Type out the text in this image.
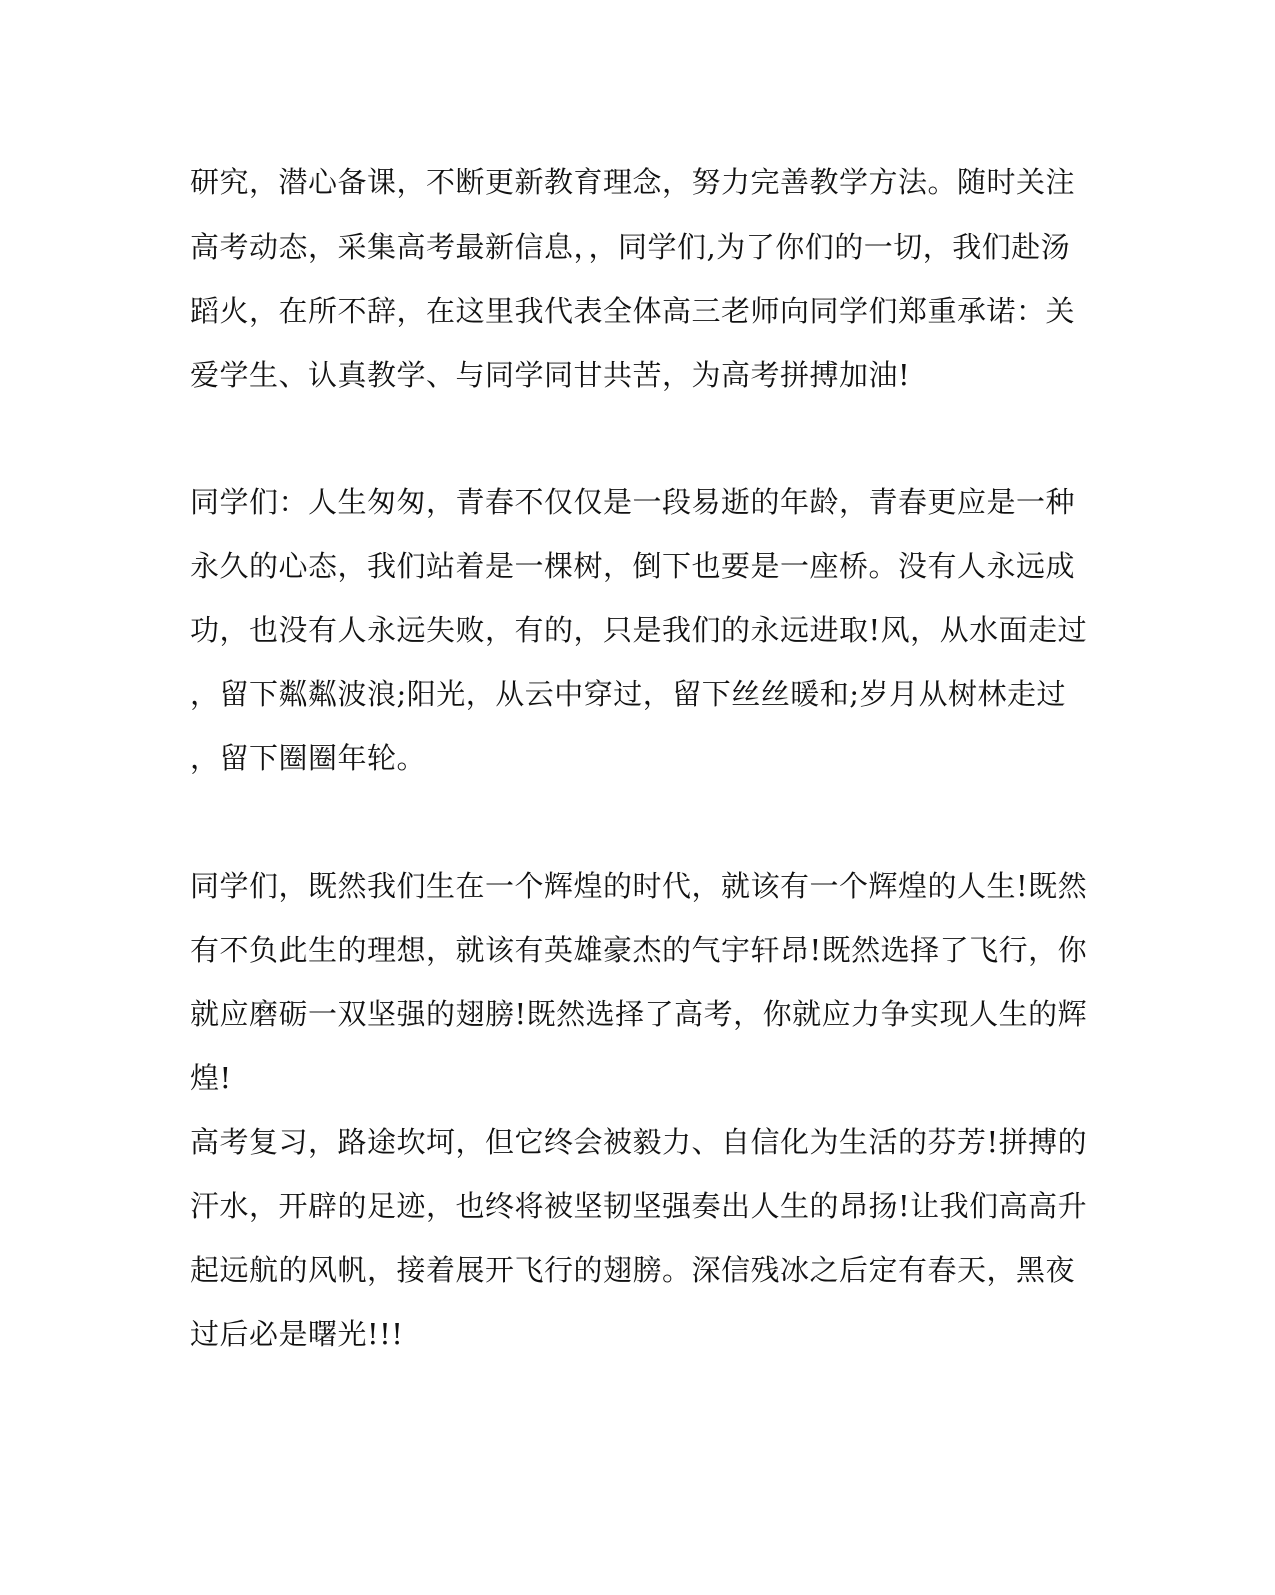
研究，潜心备课，不断更新教育理念，努力完善教学方法。随时关注
高考动态，采集高考最新信息，，同学们,为了你们的一切，我们赴汤
蹈火，在所不辞，在这里我代表全体高三老师向同学们郑重承诺：关
爱学生、认真教学、与同学同甘共苦，为高考拼搏加油!
同学们：人生匆匆，青春不仅仅是一段易逝的年龄，青春更应是一种
永久的心态，我们站着是一棵树，倒下也要是一座桥。没有人永远成
功，也没有人永远失败，有的，只是我们的永远进取!风，从水面走过
，留下粼粼波浪;阳光，从云中穿过，留下丝丝暖和;岁月从树林走过
，留下圈圈年轮。
同学们，既然我们生在一个辉煌的时代，就该有一个辉煌的人生!既然
有不负此生的理想，就该有英雄豪杰的气宇轩昂!既然选择了飞行，你
就应磨砺一双坚强的翅膀!既然选择了高考，你就应力争实现人生的辉
煌!
高考复习，路途坎坷，但它终会被毅力、自信化为生活的芬芳!拼搏的
汗水，开辟的足迹，也终将被坚韧坚强奏出人生的昂扬!让我们高高升
起远航的风帆，接着展开飞行的翅膀。深信残冰之后定有春天，黑夜
过后必是曙光!!!
